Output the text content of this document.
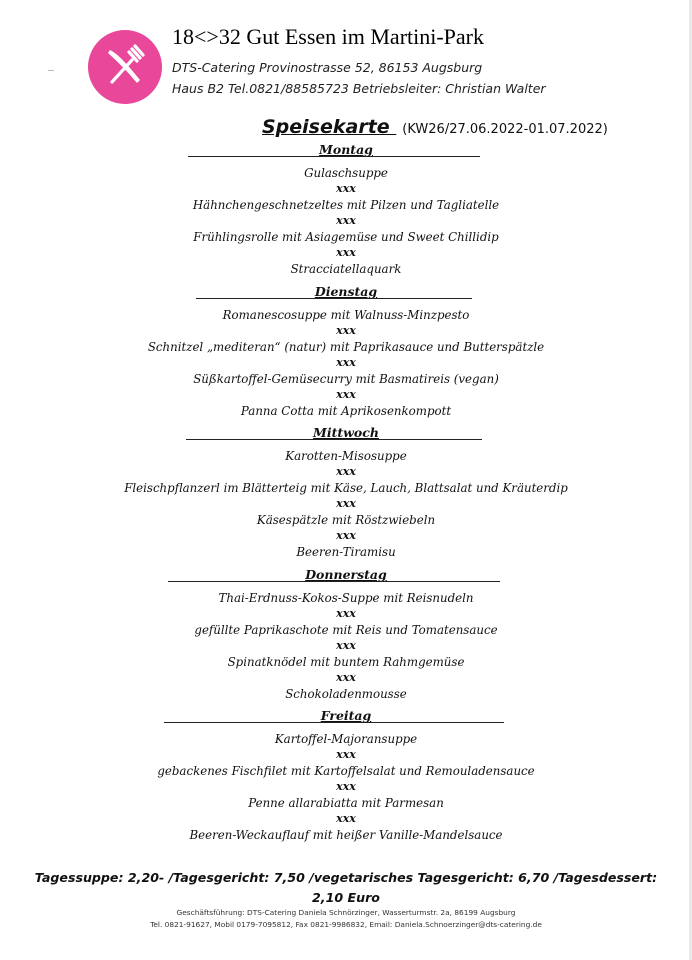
18<>32 Gut Essen im Martini-Park
DTS-Catering Provinostrasse 52, 86153 Augsburg
Haus B2 Tel.0821/88585723 Betriebsleiter: Christian Walter
Speisekarte (KW26/27.06.2022-01.07.2022)
Montag
Gulaschsuppe
xxx
Hähnchengeschnetzeltes mit Pilzen und Tagliatelle
xxx
Frühlingsrolle mit Asiagemüse und Sweet Chillidip
xxx
Stracciatellaquark
Dienstag
Romanescosuppe mit Walnuss-Minzpesto
xxx
Schnitzel „mediteran“ (natur) mit Paprikasauce und Butterspätzle
xxx
Süßkartoffel-Gemüsecurry mit Basmatireis (vegan)
xxx
Panna Cotta mit Aprikosenkompott
Mittwoch
Karotten-Misosuppe
xxx
Fleischpflanzerl im Blätterteig mit Käse, Lauch, Blattsalat und Kräuterdip
xxx
Käsespätzle mit Röstzwiebeln
xxx
Beeren-Tiramisu
Donnerstag
Thai-Erdnuss-Kokos-Suppe mit Reisnudeln
xxx
gefüllte Paprikaschote mit Reis und Tomatensauce
xxx
Spinatknödel mit buntem Rahmgemüse
xxx
Schokoladenmousse
Freitag
Kartoffel-Majoransuppe
xxx
gebackenes Fischfilet mit Kartoffelsalat und Remouladensauce
xxx
Penne allarabiatta mit Parmesan
xxx
Beeren-Weckauflauf mit heißer Vanille-Mandelsauce
Tagessuppe: 2,20- /Tagesgericht: 7,50 /vegetarisches Tagesgericht: 6,70 /Tagesdessert: 2,10 Euro
Geschäftsführung: DTS-Catering Daniela Schnörzinger, Wasserturmstr. 2a, 86199 Augsburg
Tel. 0821-91627, Mobil 0179-7095812, Fax 0821-9986832, Email: Daniela.Schnoerzinger@dts-catering.de
